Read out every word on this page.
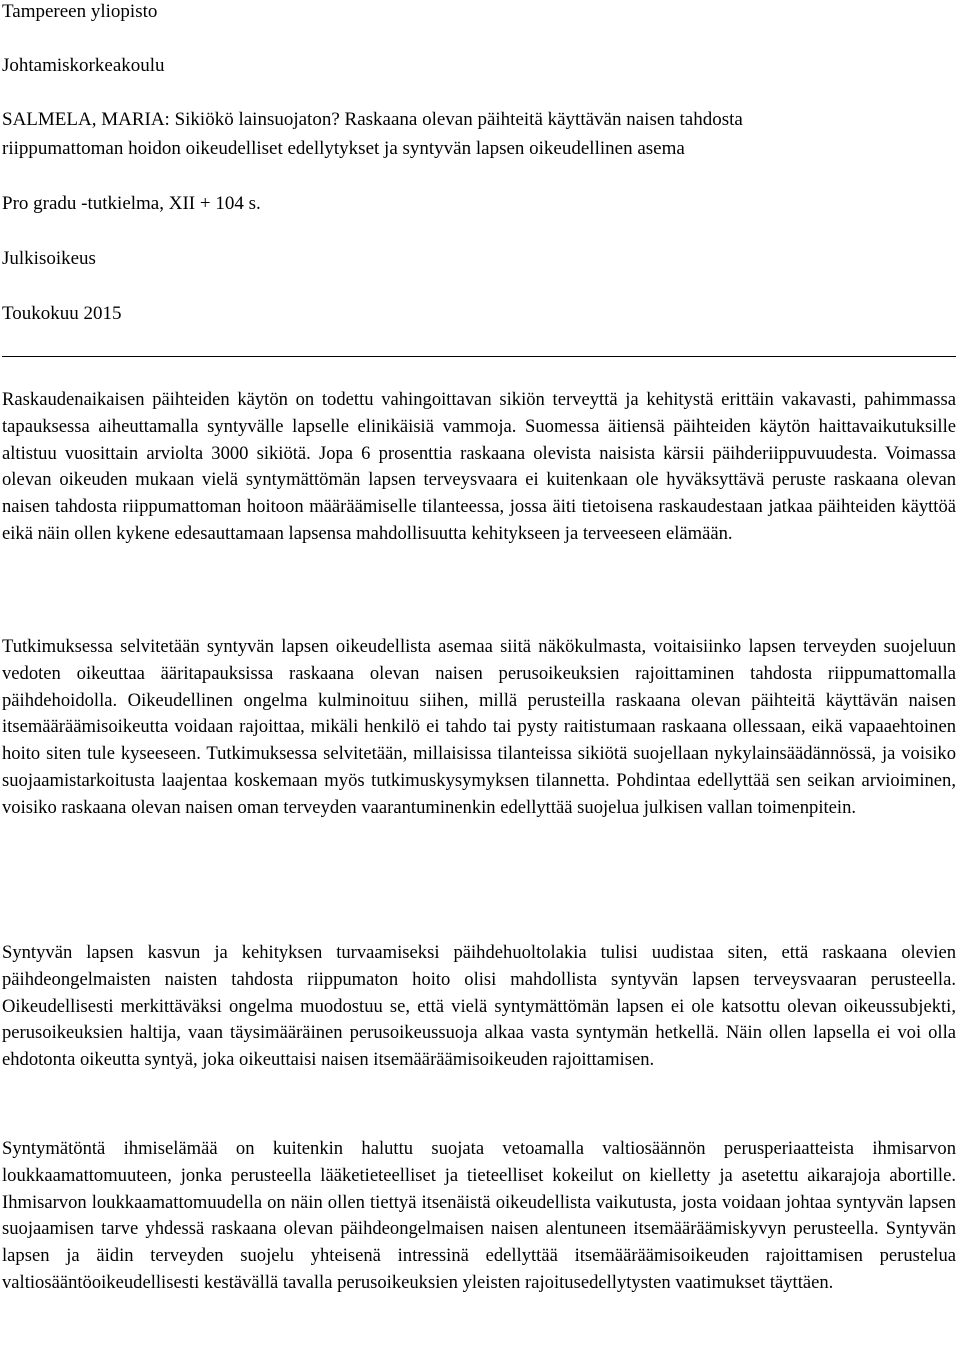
Tampereen yliopisto

Johtamiskorkeakoulu

SALMELA, MARIA: Sikiökö lainsuojaton? Raskaana olevan päihteitä käyttävän naisen tahdosta

riippumattoman hoidon oikeudelliset edellytykset ja syntyvän lapsen oikeudellinen asema

Pro gradu -tutkielma, XII + 104 s.

Julkisoikeus

Toukokuu 2015

Raskaudenaikaisen päihteiden käytön on todettu vahingoittavan sikiön terveyttä ja kehitystä erittäin vakavasti, pahimmassa tapauksessa aiheuttamalla syntyvälle lapselle elinikäisiä vammoja. Suomessa äitiensä päihteiden käytön haittavaikutuksille altistuu vuosittain arviolta 3000 sikiötä. Jopa 6 prosenttia raskaana olevista naisista kärsii päihderiippuvuudesta. Voimassa olevan oikeuden mukaan vielä syntymättömän lapsen terveysvaara ei kuitenkaan ole hyväksyttävä peruste raskaana olevan naisen tahdosta riippumattoman hoitoon määräämiselle tilanteessa, jossa äiti tietoisena raskaudestaan jatkaa päihteiden käyttöä eikä näin ollen kykene edesauttamaan lapsensa mahdollisuutta kehitykseen ja terveeseen elämään.

Tutkimuksessa selvitetään syntyvän lapsen oikeudellista asemaa siitä näkökulmasta, voitaisiinko lapsen terveyden suojeluun vedoten oikeuttaa ääritapauksissa raskaana olevan naisen perusoikeuksien rajoittaminen tahdosta riippumattomalla päihdehoidolla. Oikeudellinen ongelma kulminoituu siihen, millä perusteilla raskaana olevan päihteitä käyttävän naisen itsemääräämisoikeutta voidaan rajoittaa, mikäli henkilö ei tahdo tai pysty raitistumaan raskaana ollessaan, eikä vapaaehtoinen hoito siten tule kyseeseen. Tutkimuksessa selvitetään, millaisissa tilanteissa sikiötä suojellaan nykylainsäädännössä, ja voisiko suojaamistarkoitusta laajentaa koskemaan myös tutkimuskysymyksen tilannetta. Pohdintaa edellyttää sen seikan arvioiminen, voisiko raskaana olevan naisen oman terveyden vaarantuminenkin edellyttää suojelua julkisen vallan toimenpitein.

Syntyvän lapsen kasvun ja kehityksen turvaamiseksi päihdehuoltolakia tulisi uudistaa siten, että raskaana olevien päihdeongelmaisten naisten tahdosta riippumaton hoito olisi mahdollista syntyvän lapsen terveysvaaran perusteella. Oikeudellisesti merkittäväksi ongelma muodostuu se, että vielä syntymättömän lapsen ei ole katsottu olevan oikeussubjekti, perusoikeuksien haltija, vaan täysimääräinen perusoikeussuoja alkaa vasta syntymän hetkellä. Näin ollen lapsella ei voi olla ehdotonta oikeutta syntyä, joka oikeuttaisi naisen itsemääräämisoikeuden rajoittamisen.

Syntymätöntä ihmiselämää on kuitenkin haluttu suojata vetoamalla valtiosäännön perusperiaatteista ihmisarvon loukkaamattomuuteen, jonka perusteella lääketieteelliset ja tieteelliset kokeilut on kielletty ja asetettu aikarajoja abortille. Ihmisarvon loukkaamattomuudella on näin ollen tiettyä itsenäistä oikeudellista vaikutusta, josta voidaan johtaa syntyvän lapsen suojaamisen tarve yhdessä raskaana olevan päihdeongelmaisen naisen alentuneen itsemääräämiskyvyn perusteella. Syntyvän lapsen ja äidin terveyden suojelu yhteisenä intressinä edellyttää itsemääräämisoikeuden rajoittamisen perustelua valtiosääntöoikeudellisesti kestävällä tavalla perusoikeuksien yleisten rajoitusedellytysten vaatimukset täyttäen.
